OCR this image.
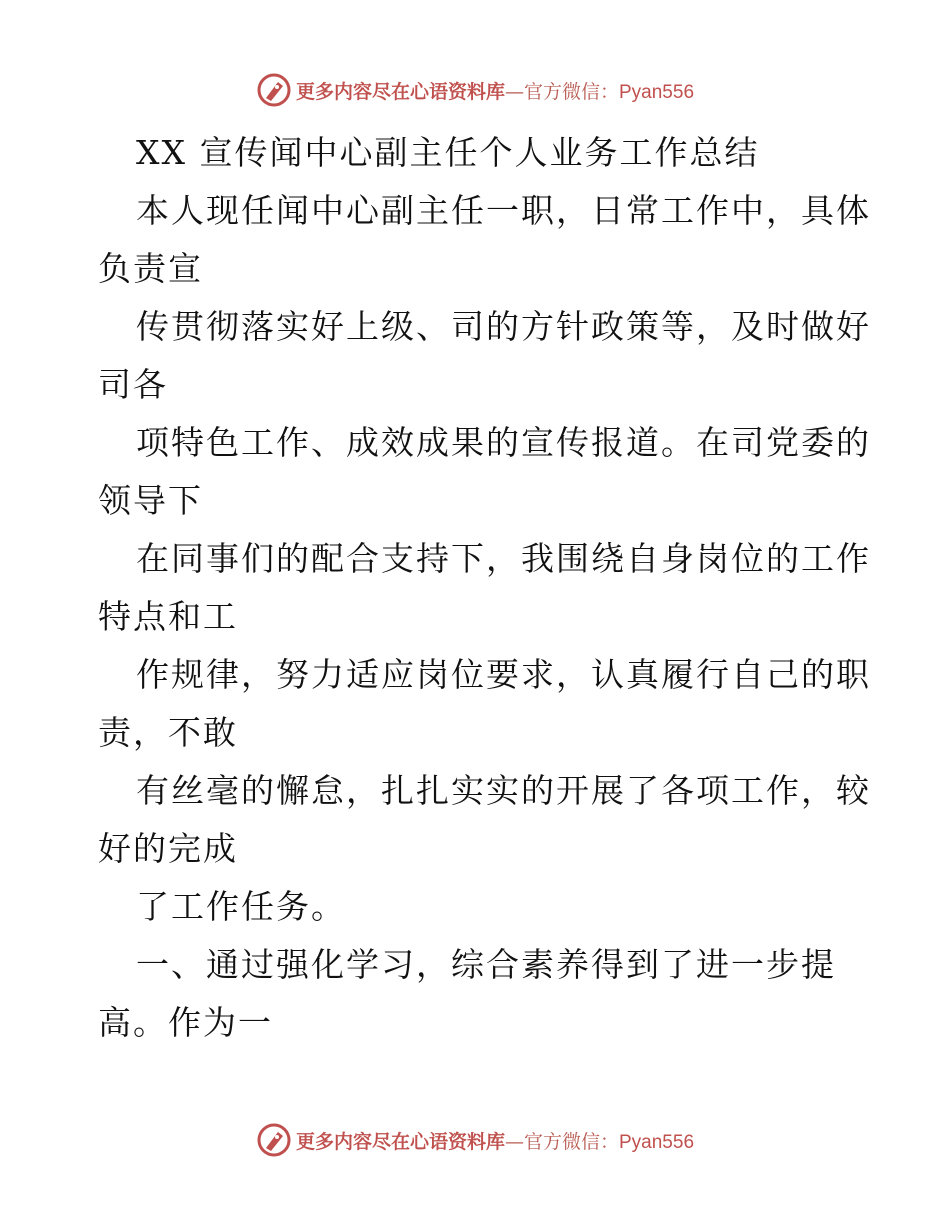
更多内容尽在心语资料库—官方微信：Pyan556
XX 宣传闻中心副主任个人业务工作总结
本人现任闻中心副主任一职，日常工作中，具体
负责宣
传贯彻落实好上级、司的方针政策等，及时做好
司各
项特色工作、成效成果的宣传报道。在司党委的
领导下
在同事们的配合支持下，我围绕自身岗位的工作
特点和工
作规律，努力适应岗位要求，认真履行自己的职
责，不敢
有丝毫的懈怠，扎扎实实的开展了各项工作，较
好的完成
了工作任务。
一、通过强化学习，综合素养得到了进一步提
高。作为一
更多内容尽在心语资料库—官方微信：Pyan556
